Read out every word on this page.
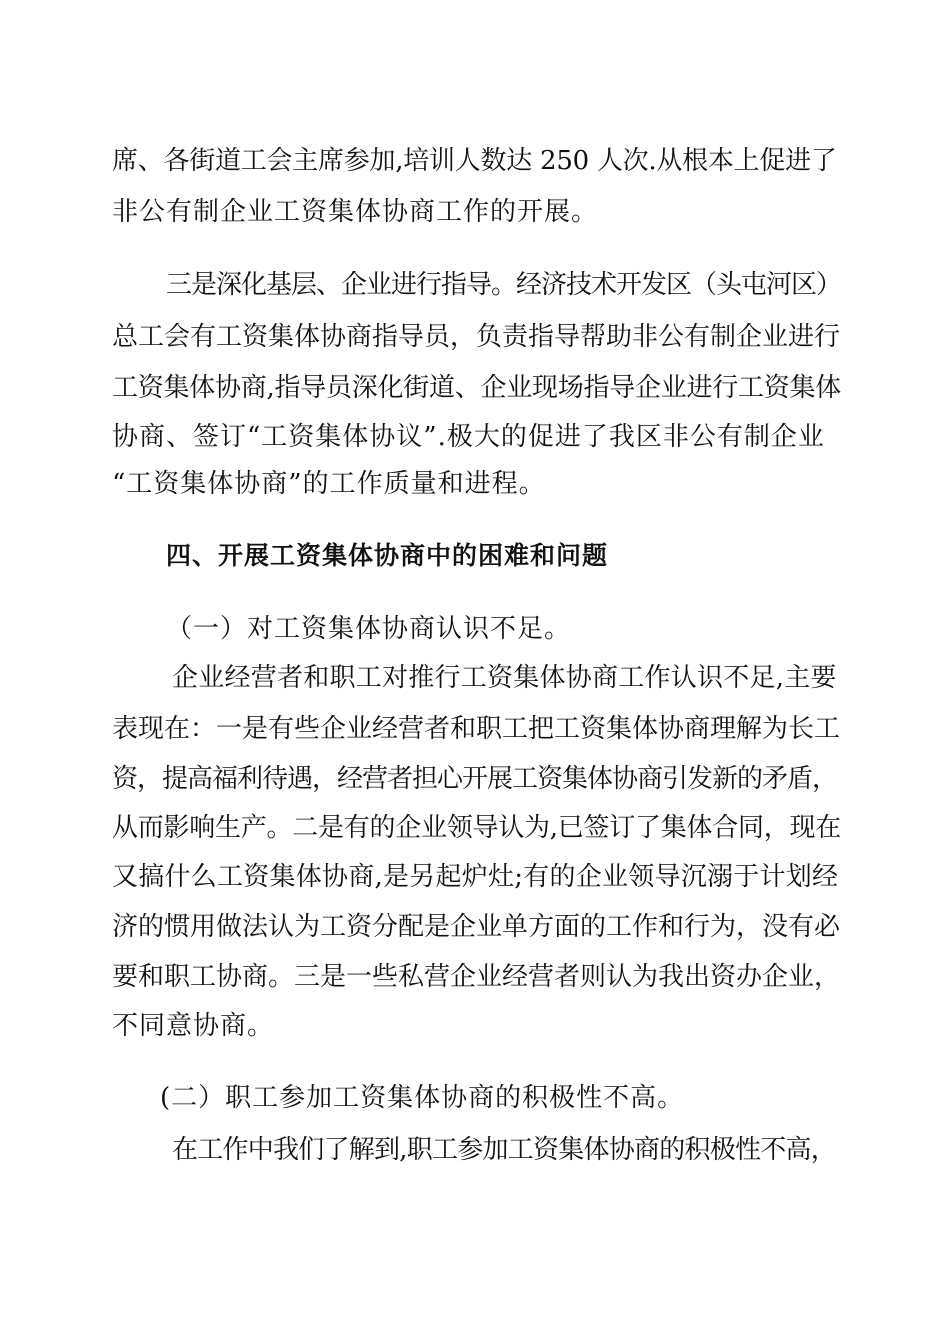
席、各街道工会主席参加,培训人数达 250 人次.从根本上促进了
非公有制企业工资集体协商工作的开展。
三是深化基层、企业进行指导。经济技术开发区（头屯河区）
总工会有工资集体协商指导员，负责指导帮助非公有制企业进行
工资集体协商,指导员深化街道、企业现场指导企业进行工资集体
协商、签订“工资集体协议”.极大的促进了我区非公有制企业
“工资集体协商”的工作质量和进程。
四、开展工资集体协商中的困难和问题
（一）对工资集体协商认识不足。
企业经营者和职工对推行工资集体协商工作认识不足,主要
表现在：一是有些企业经营者和职工把工资集体协商理解为长工
资，提高福利待遇，经营者担心开展工资集体协商引发新的矛盾，
从而影响生产。二是有的企业领导认为,已签订了集体合同，现在
又搞什么工资集体协商,是另起炉灶;有的企业领导沉溺于计划经
济的惯用做法认为工资分配是企业单方面的工作和行为，没有必
要和职工协商。三是一些私营企业经营者则认为我出资办企业，
不同意协商。
(二）职工参加工资集体协商的积极性不高。
在工作中我们了解到,职工参加工资集体协商的积极性不高，
